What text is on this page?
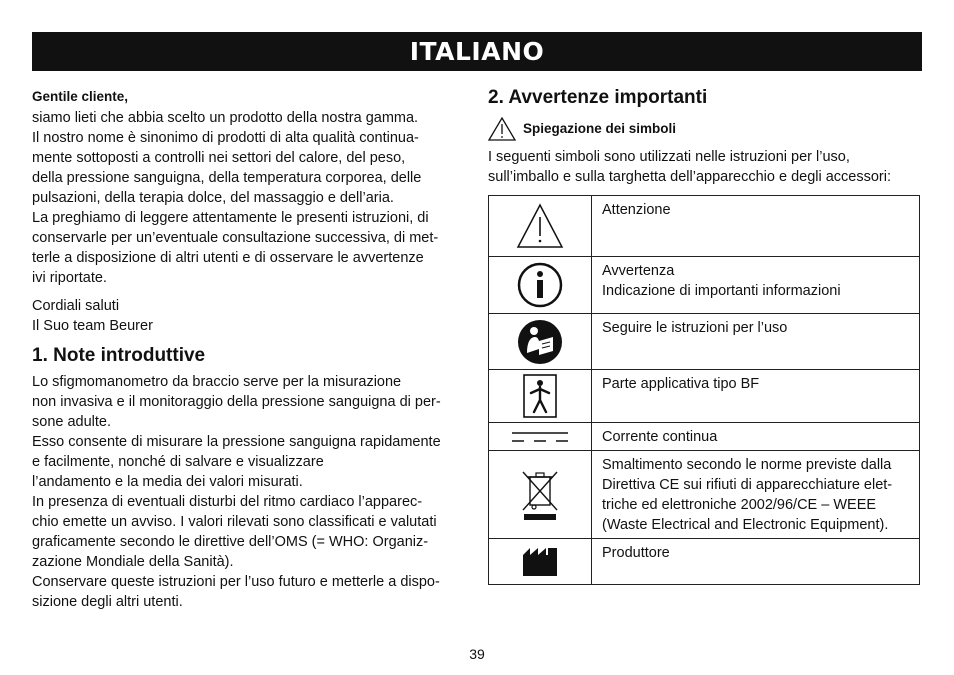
ITALIANO
Gentile cliente,
siamo lieti che abbia scelto un prodotto della nostra gamma.
Il nostro nome è sinonimo di prodotti di alta qualità continua-
mente sottoposti a controlli nei settori del calore, del peso,
della pressione sanguigna, della temperatura corporea, delle
pulsazioni, della terapia dolce, del massaggio e dell’aria.
La preghiamo di leggere attentamente le presenti istruzioni, di
conservarle per un’eventuale consultazione successiva, di met-
terle a disposizione di altri utenti e di osservare le avvertenze
ivi riportate.
Cordiali saluti
Il Suo team Beurer
1. Note introduttive
Lo sfigmomanometro da braccio serve per la misurazione
non invasiva e il monitoraggio della pressione sanguigna di per-
sone adulte.
Esso consente di misurare la pressione sanguigna rapidamente
e facilmente, nonché di salvare e visualizzare
l’andamento e la media dei valori misurati.
In presenza di eventuali disturbi del ritmo cardiaco l’apparec-
chio emette un avviso. I valori rilevati sono classificati e valutati
graficamente secondo le direttive dell’OMS (= WHO: Organiz-
zazione Mondiale della Sanità).
Conservare queste istruzioni per l’uso futuro e metterle a dispo-
sizione degli altri utenti.
2. Avvertenze importanti
Spiegazione dei simboli
I seguenti simboli sono utilizzati nelle istruzioni per l’uso,
sull’imballo e sulla targhetta dell’apparecchio e degli accessori:

Attenzione

Avvertenza
Indicazione di importanti informazioni

Seguire le istruzioni per l’uso

Parte applicativa tipo BF

Corrente continua

Smaltimento secondo le norme previste dalla
Direttiva CE sui rifiuti di apparecchiature elet-
triche ed elettroniche 2002/96/CE – WEEE
(Waste Electrical and Electronic Equipment).

Produttore
39
